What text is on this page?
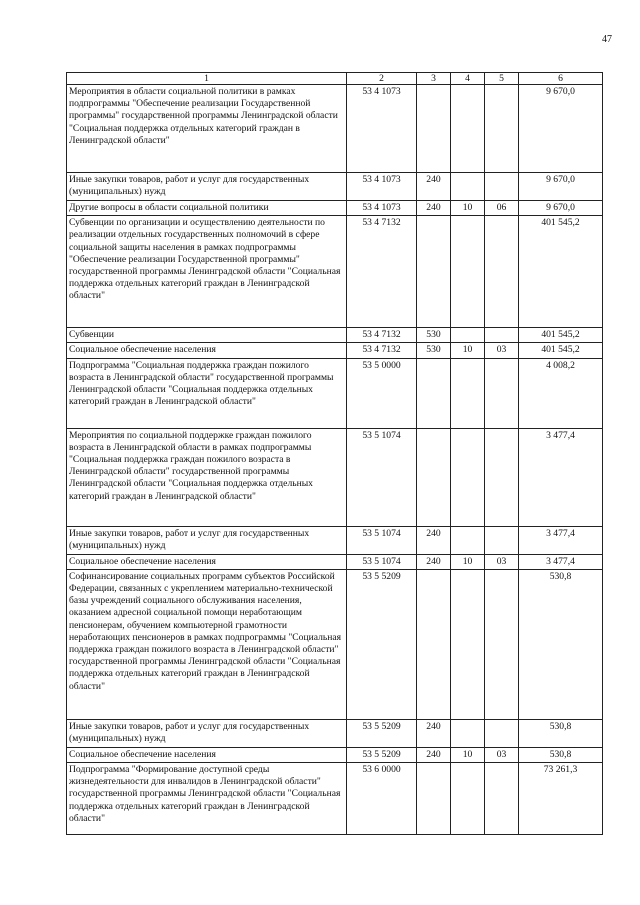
47
1	2	3	4	5	6
Мероприятия в области социальной политики в рамках подпрограммы "Обеспечение реализации Государственной программы" государственной программы Ленинградской области "Социальная поддержка отдельных категорий граждан в Ленинградской области"	53 4 1073				9 670,0
Иные закупки товаров, работ и услуг для государственных (муниципальных) нужд	53 4 1073	240			9 670,0
Другие вопросы в области социальной политики	53 4 1073	240	10	06	9 670,0
Субвенции по организации и осуществлению деятельности по реализации отдельных государственных полномочий в сфере социальной защиты населения в рамках подпрограммы "Обеспечение реализации Государственной программы" государственной программы Ленинградской области "Социальная поддержка отдельных категорий граждан в Ленинградской области"	53 4 7132				401 545,2
Субвенции	53 4 7132	530			401 545,2
Социальное обеспечение населения	53 4 7132	530	10	03	401 545,2
Подпрограмма "Социальная поддержка граждан пожилого возраста в Ленинградской области" государственной программы Ленинградской области "Социальная поддержка отдельных категорий граждан в Ленинградской области"	53 5 0000				4 008,2
Мероприятия по социальной поддержке граждан пожилого возраста в Ленинградской области в рамках подпрограммы "Социальная поддержка граждан пожилого возраста в Ленинградской области" государственной программы Ленинградской области "Социальная поддержка отдельных категорий граждан в Ленинградской области"	53 5 1074				3 477,4
Иные закупки товаров, работ и услуг для государственных (муниципальных) нужд	53 5 1074	240			3 477,4
Социальное обеспечение населения	53 5 1074	240	10	03	3 477,4
Софинансирование социальных программ субъектов Российской Федерации, связанных с укреплением материально-технической базы учреждений социального обслуживания населения, оказанием адресной социальной помощи неработающим пенсионерам, обучением компьютерной грамотности неработающих пенсионеров в рамках подпрограммы "Социальная поддержка граждан пожилого возраста в Ленинградской области" государственной программы Ленинградской области "Социальная поддержка отдельных категорий граждан в Ленинградской области"	53 5 5209				530,8
Иные закупки товаров, работ и услуг для государственных (муниципальных) нужд	53 5 5209	240			530,8
Социальное обеспечение населения	53 5 5209	240	10	03	530,8
Подпрограмма "Формирование доступной среды жизнедеятельности для инвалидов в Ленинградской области" государственной программы Ленинградской области "Социальная поддержка отдельных категорий граждан в Ленинградской области"	53 6 0000				73 261,3
